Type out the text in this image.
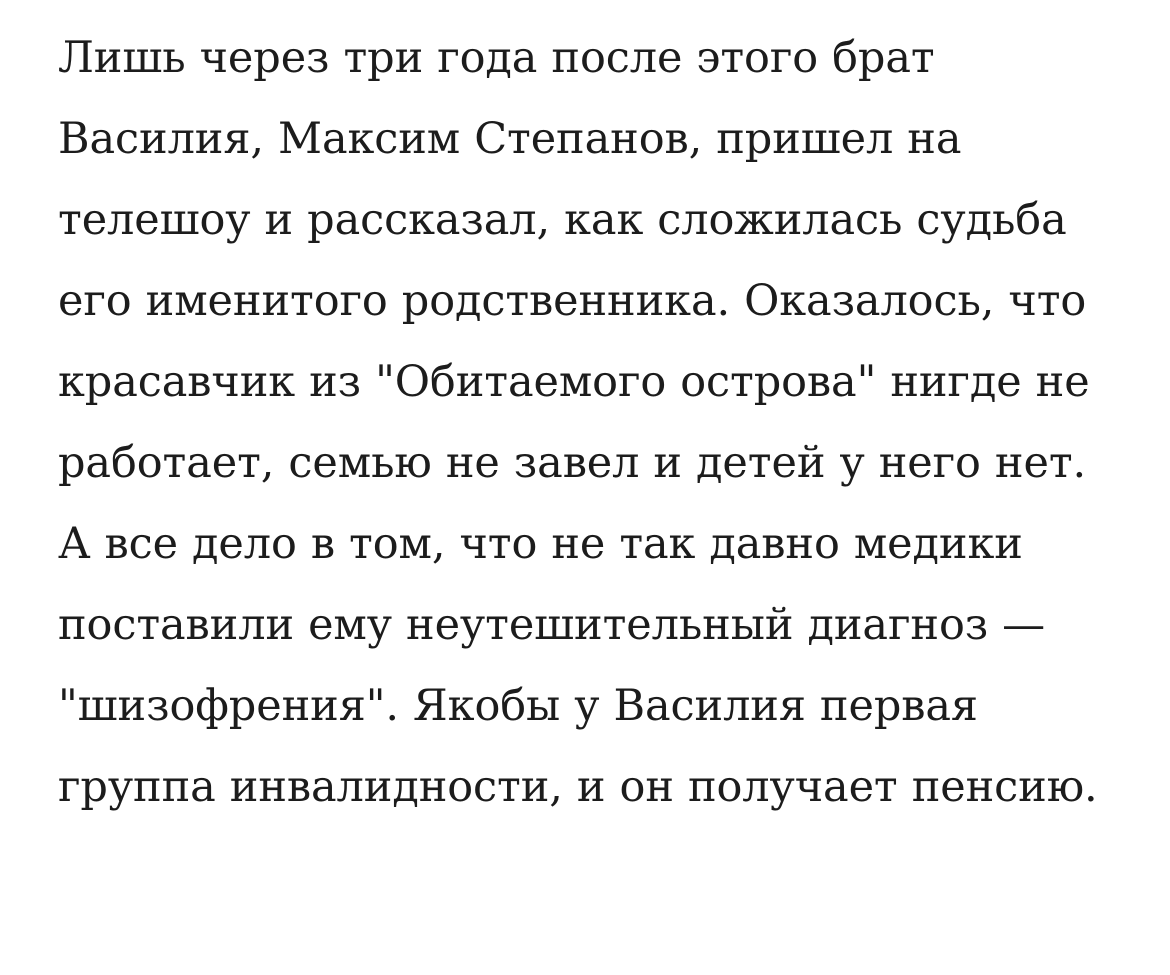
Лишь через три года после этого брат Василия, Максим Степанов, пришел на телешоу и рассказал, как сложилась судьба его именитого родственника. Оказалось, что красавчик из "Обитаемого острова" нигде не работает, семью не завел и детей у него нет. А все дело в том, что не так давно медики поставили ему неутешительный диагноз — "шизофрения". Якобы у Василия первая группа инвалидности, и он получает пенсию.
